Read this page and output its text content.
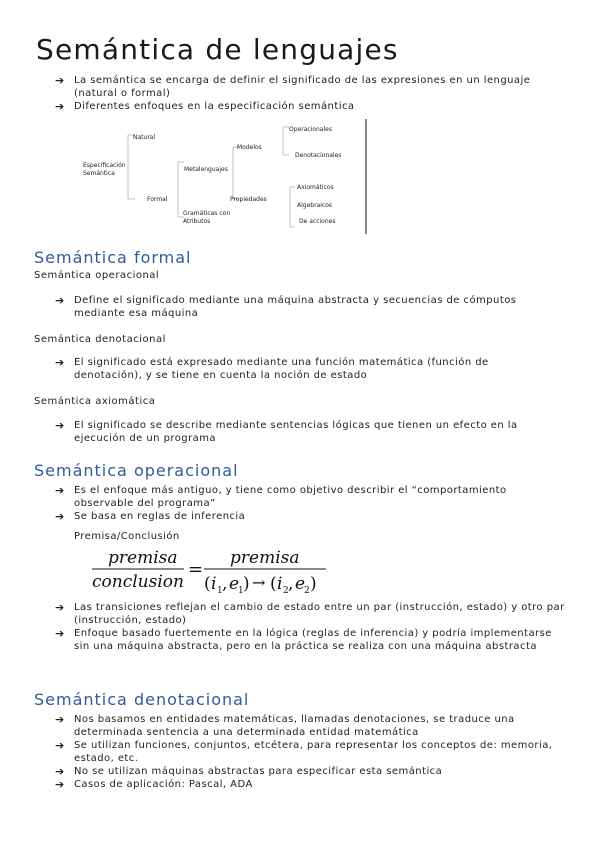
Semántica de lenguajes
➔ La semántica se encarga de definir el significado de las expresiones en un lenguaje (natural o formal)
➔ Diferentes enfoques en la especificación semántica
Especificación
Semántica
Natural
Formal
Metalenguajes
Gramáticas con
Atributos
Modelos
Propiedades
Operacionales
Denotacionales
Axiomáticos
Algebraicos
De acciones
Semántica formal

Semántica operacional

➔ Define el significado mediante una máquina abstracta y secuencias de cómputos mediante esa máquina

Semántica denotacional

➔ El significado está expresado mediante una función matemática (función de denotación), y se tiene en cuenta la noción de estado

Semántica axiomática

➔ El significado se describe mediante sentencias lógicas que tienen un efecto en la ejecución de un programa
Semántica operacional
➔ Es el enfoque más antiguo, y tiene como objetivo describir el “comportamiento observable del programa”
➔ Se basa en reglas de inferencia
Premisa/Conclusión
premisa
conclusion
=
premisa
( i 1 , e
1 ) → ( i 2 , e
2 )
➔ Las transiciones reflejan el cambio de estado entre un par (instrucción, estado) y otro par (instrucción, estado)
➔ Enfoque basado fuertemente en la lógica (reglas de inferencia) y podría implementarse sin una máquina abstracta, pero en la práctica se realiza con una máquina abstracta
Semántica denotacional
➔ Nos basamos en entidades matemáticas, llamadas denotaciones, se traduce una determinada sentencia a una determinada entidad matemática
➔ Se utilizan funciones, conjuntos, etcétera, para representar los conceptos de: memoria, estado, etc.
➔ No se utilizan máquinas abstractas para especificar esta semántica
➔ Casos de aplicación: Pascal, ADA
